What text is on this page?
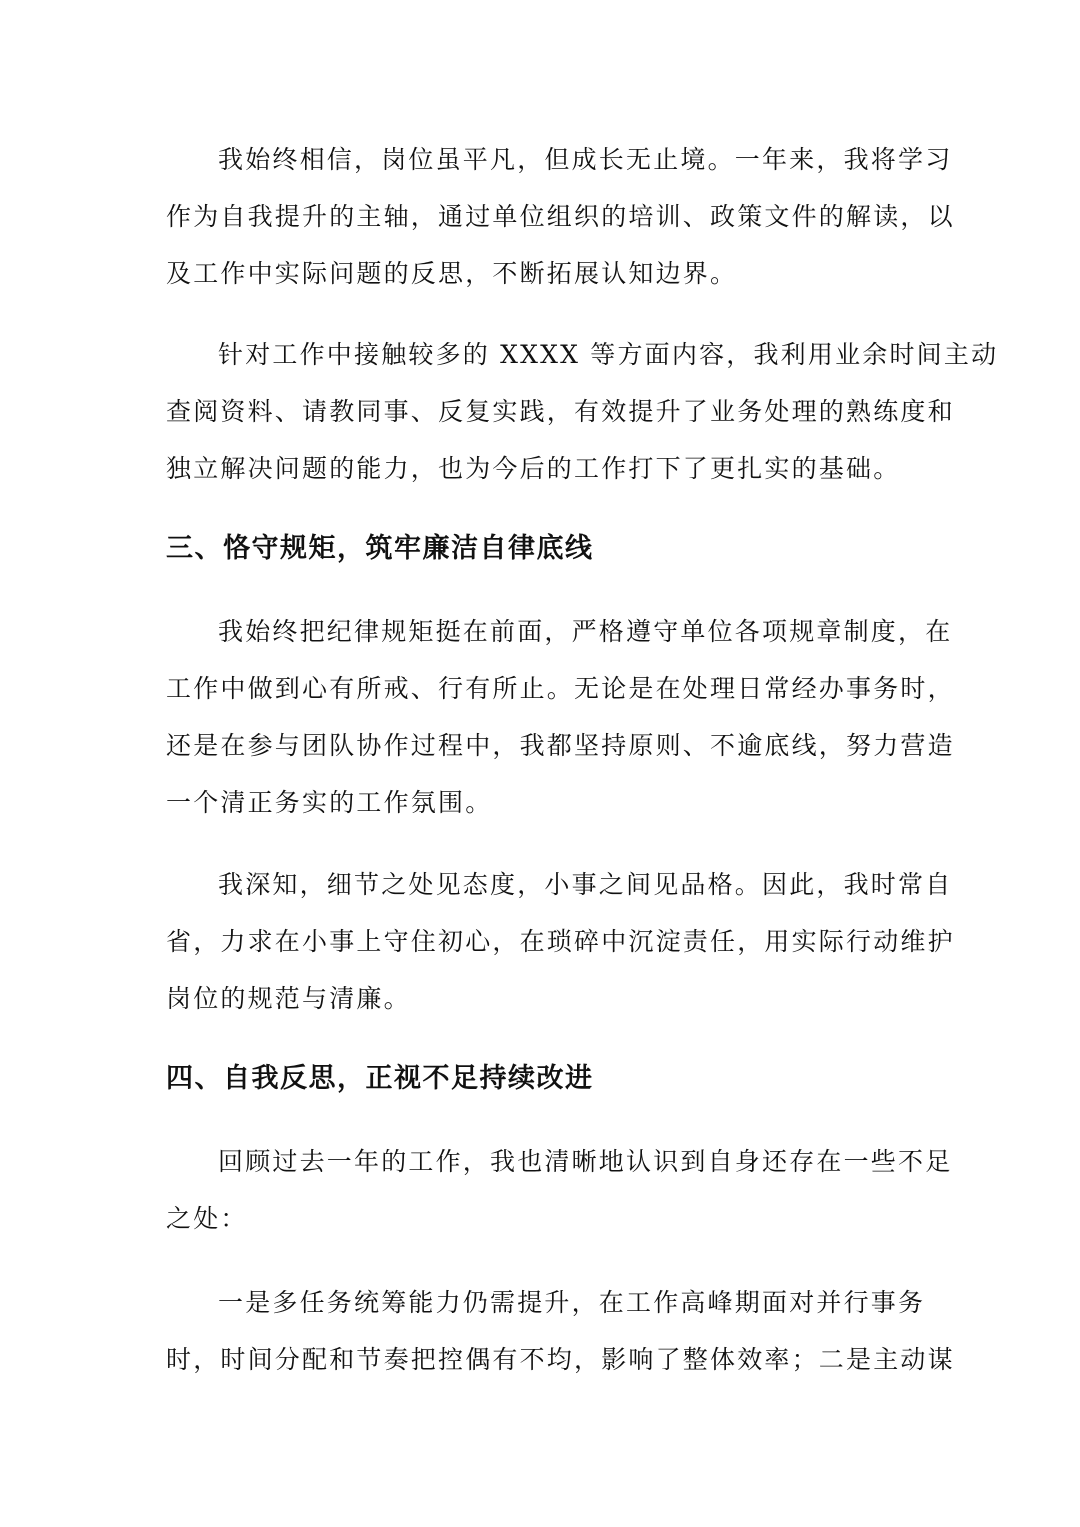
我始终相信，岗位虽平凡，但成长无止境。一年来，我将学习
作为自我提升的主轴，通过单位组织的培训、政策文件的解读，以
及工作中实际问题的反思，不断拓展认知边界。
针对工作中接触较多的 XXXX 等方面内容，我利用业余时间主动
查阅资料、请教同事、反复实践，有效提升了业务处理的熟练度和
独立解决问题的能力，也为今后的工作打下了更扎实的基础。
三、恪守规矩，筑牢廉洁自律底线
我始终把纪律规矩挺在前面，严格遵守单位各项规章制度，在
工作中做到心有所戒、行有所止。无论是在处理日常经办事务时，
还是在参与团队协作过程中，我都坚持原则、不逾底线，努力营造
一个清正务实的工作氛围。
我深知，细节之处见态度，小事之间见品格。因此，我时常自
省，力求在小事上守住初心，在琐碎中沉淀责任，用实际行动维护
岗位的规范与清廉。
四、自我反思，正视不足持续改进
回顾过去一年的工作，我也清晰地认识到自身还存在一些不足
之处：
一是多任务统筹能力仍需提升，在工作高峰期面对并行事务
时，时间分配和节奏把控偶有不均，影响了整体效率；二是主动谋
